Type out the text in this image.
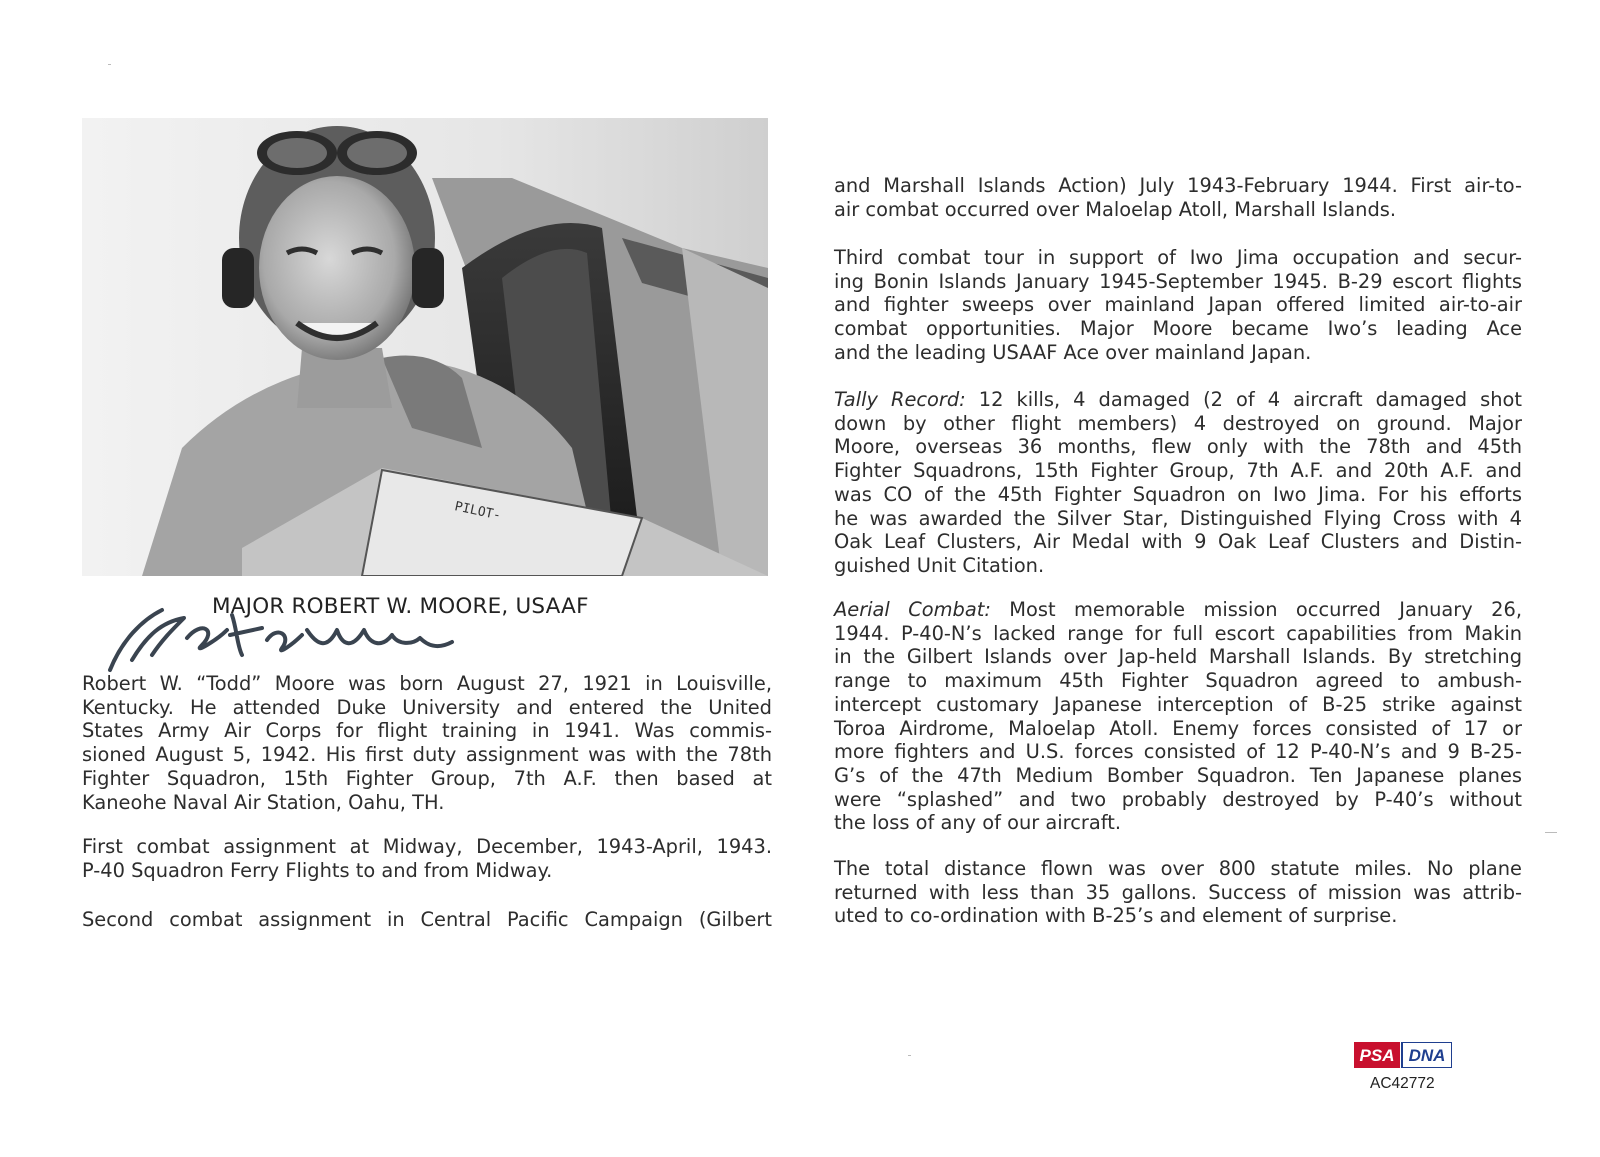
PILOT-
MAJOR ROBERT W. MOORE, USAAF
Robert W. “Todd” Moore was born August 27, 1921 in Louisville,
Kentucky. He attended Duke University and entered the United
States Army Air Corps for flight training in 1941. Was commis-
sioned August 5, 1942. His first duty assignment was with the 78th
Fighter Squadron, 15th Fighter Group, 7th A.F. then based at
Kaneohe Naval Air Station, Oahu, TH.
First combat assignment at Midway, December, 1943-April, 1943.
P-40 Squadron Ferry Flights to and from Midway.
Second combat assignment in Central Pacific Campaign (Gilbert
and Marshall Islands Action) July 1943-February 1944. First air-to-
air combat occurred over Maloelap Atoll, Marshall Islands.
Third combat tour in support of Iwo Jima occupation and secur-
ing Bonin Islands January 1945-September 1945. B-29 escort flights
and fighter sweeps over mainland Japan offered limited air-to-air
combat opportunities. Major Moore became Iwo’s leading Ace
and the leading USAAF Ace over mainland Japan.
Tally Record: 12 kills, 4 damaged (2 of 4 aircraft damaged shot
down by other flight members) 4 destroyed on ground. Major
Moore, overseas 36 months, flew only with the 78th and 45th
Fighter Squadrons, 15th Fighter Group, 7th A.F. and 20th A.F. and
was CO of the 45th Fighter Squadron on Iwo Jima. For his efforts
he was awarded the Silver Star, Distinguished Flying Cross with 4
Oak Leaf Clusters, Air Medal with 9 Oak Leaf Clusters and Distin-
guished Unit Citation.
Aerial Combat: Most memorable mission occurred January 26,
1944. P-40-N’s lacked range for full escort capabilities from Makin
in the Gilbert Islands over Jap-held Marshall Islands. By stretching
range to maximum 45th Fighter Squadron agreed to ambush-
intercept customary Japanese interception of B-25 strike against
Toroa Airdrome, Maloelap Atoll. Enemy forces consisted of 17 or
more fighters and U.S. forces consisted of 12 P-40-N’s and 9 B-25-
G’s of the 47th Medium Bomber Squadron. Ten Japanese planes
were “splashed” and two probably destroyed by P-40’s without
the loss of any of our aircraft.
The total distance flown was over 800 statute miles. No plane
returned with less than 35 gallons. Success of mission was attrib-
uted to co-ordination with B-25’s and element of surprise.
PSA DNA
AC42772
